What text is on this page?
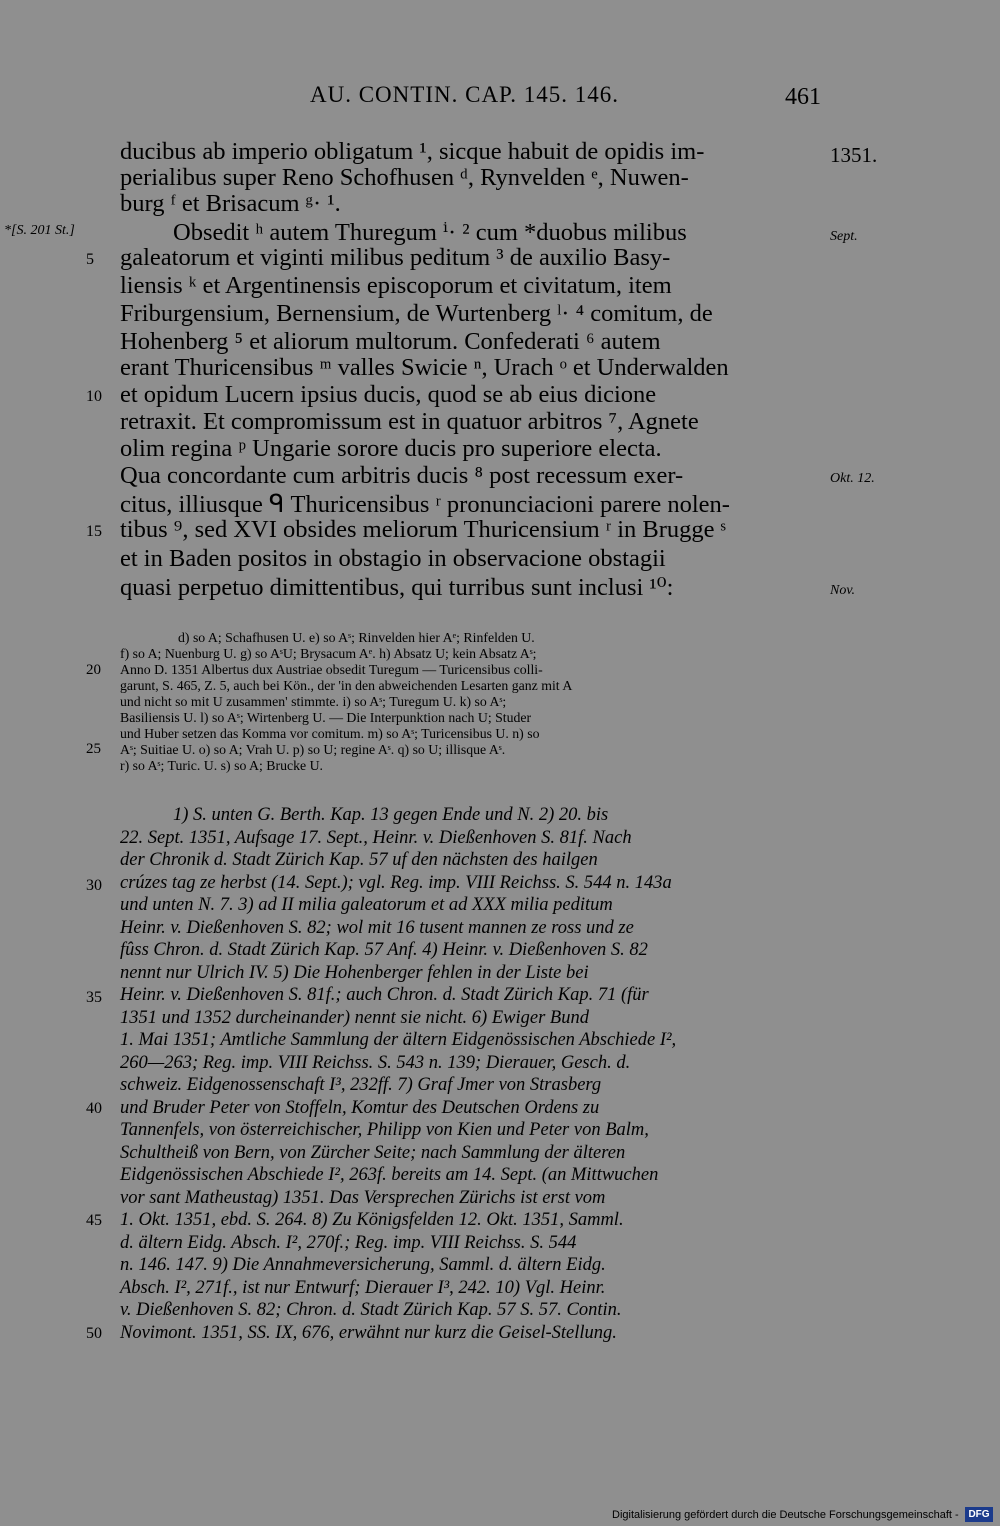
AU. CONTIN. CAP. 145. 146.	461
ducibus ab imperio obligatum ¹, sicque habuit de opidis im-
perialibus super Reno Schofhusen ᵈ, Rynvelden ᵉ, Nuwen-
burg ᶠ et Brisacum ᵍ· ¹.
Obsedit ʰ autem Thuregum ⁱ· ² cum *duobus milibus
galeatorum et viginti milibus peditum ³ de auxilio Basy-
liensis ᵏ et Argentinensis episcoporum et civitatum, item
Friburgensium, Bernensium, de Wurtenberg ˡ· ⁴ comitum, de
Hohenberg ⁵ et aliorum multorum. Confederati ⁶ autem
erant Thuricensibus ᵐ valles Swicie ⁿ, Urach ᵒ et Underwalden
et opidum Lucern ipsius ducis, quod se ab eius dicione
retraxit. Et compromissum est in quatuor arbitros ⁷, Agnete
olim regina ᵖ Ungarie sorore ducis pro superiore electa.
Qua concordante cum arbitris ducis ⁸ post recessum exer-
citus, illiusque ᑫ Thuricensibus ʳ pronunciacioni parere nolen-
tibus ⁹, sed XVI obsides meliorum Thuricensium ʳ in Brugge ˢ
et in Baden positos in obstagio in observacione obstagii
quasi perpetuo dimittentibus, qui turribus sunt inclusi ¹⁰:
5
10
15
1351.
Sept.
Okt. 12.
Nov.
*[S. 201 St.]
d) so A; Schafhusen U. e) so Aˢ; Rinvelden hier Aᵉ; Rinfelden U.
f) so A; Nuenburg U. g) so AˢU; Brysacum Aᵉ. h) Absatz U; kein Absatz Aˢ;
Anno D. 1351 Albertus dux Austriae obsedit Turegum — Turicensibus colli-
garunt, S. 465, Z. 5, auch bei Kön., der 'in den abweichenden Lesarten ganz mit A
und nicht so mit U zusammen' stimmte. i) so Aˢ; Turegum U. k) so Aˢ;
Basiliensis U. l) so Aˢ; Wirtenberg U. — Die Interpunktion nach U; Studer
und Huber setzen das Komma vor comitum. m) so Aˢ; Turicensibus U. n) so
Aˢ; Suitiae U. o) so A; Vrah U. p) so U; regine Aˢ. q) so U; illisque Aˢ.
r) so Aˢ; Turic. U. s) so A; Brucke U.
20
25
1) S. unten G. Berth. Kap. 13 gegen Ende und N. 2) 20. bis
22. Sept. 1351, Aufsage 17. Sept., Heinr. v. Dießenhoven S. 81f. Nach
der Chronik d. Stadt Zürich Kap. 57 uf den nächsten des hailgen
crúzes tag ze herbst (14. Sept.); vgl. Reg. imp. VIII Reichss. S. 544 n. 143a
und unten N. 7. 3) ad II milia galeatorum et ad XXX milia peditum
Heinr. v. Dießenhoven S. 82; wol mit 16 tusent mannen ze ross und ze
fûss Chron. d. Stadt Zürich Kap. 57 Anf. 4) Heinr. v. Dießenhoven S. 82
nennt nur Ulrich IV. 5) Die Hohenberger fehlen in der Liste bei
Heinr. v. Dießenhoven S. 81f.; auch Chron. d. Stadt Zürich Kap. 71 (für
1351 und 1352 durcheinander) nennt sie nicht. 6) Ewiger Bund
1. Mai 1351; Amtliche Sammlung der ältern Eidgenössischen Abschiede I²,
260—263; Reg. imp. VIII Reichss. S. 543 n. 139; Dierauer, Gesch. d.
schweiz. Eidgenossenschaft I³, 232ff. 7) Graf Jmer von Strasberg
und Bruder Peter von Stoffeln, Komtur des Deutschen Ordens zu
Tannenfels, von österreichischer, Philipp von Kien und Peter von Balm,
Schultheiß von Bern, von Zürcher Seite; nach Sammlung der älteren
Eidgenössischen Abschiede I², 263f. bereits am 14. Sept. (an Mittwuchen
vor sant Matheustag) 1351. Das Versprechen Zürichs ist erst vom
1. Okt. 1351, ebd. S. 264. 8) Zu Königsfelden 12. Okt. 1351, Samml.
d. ältern Eidg. Absch. I², 270f.; Reg. imp. VIII Reichss. S. 544
n. 146. 147. 9) Die Annahmeversicherung, Samml. d. ältern Eidg.
Absch. I², 271f., ist nur Entwurf; Dierauer I³, 242. 10) Vgl. Heinr.
v. Dießenhoven S. 82; Chron. d. Stadt Zürich Kap. 57 S. 57. Contin.
Novimont. 1351, SS. IX, 676, erwähnt nur kurz die Geisel-Stellung.
30
35
40
45
50
Digitalisierung gefördert durch die Deutsche Forschungsgemeinschaft - DFG
